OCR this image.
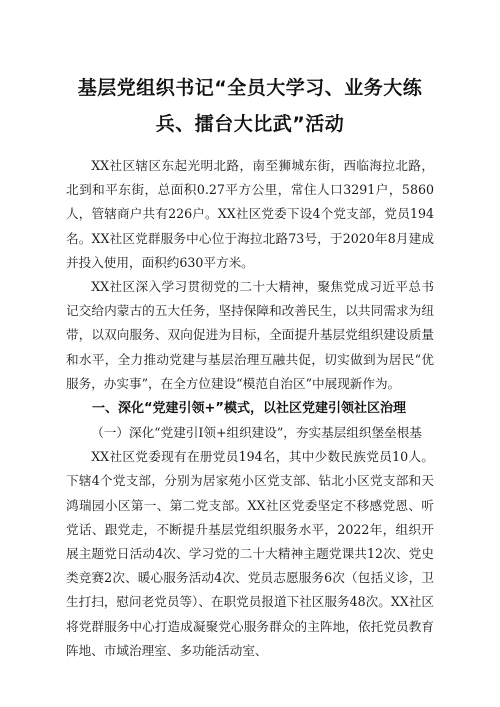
基层党组织书记“全员大学习、业务大练
兵、擂台大比武”活动

XX社区辖区东起光明北路，南至狮城东街，西临海拉北路，北到和平东街，总面积0.27平方公里，常住人口3291户，5860人，管辖商户共有226户。XX社区党委下设4个党支部，党员194名。XX社区党群服务中心位于海拉北路73号，于2020年8月建成并投入使用，面积约630平方米。

XX社区深入学习贯彻党的二十大精神，聚焦党成习近平总书记交给内蒙古的五大任务，坚持保障和改善民生，以共同需求为纽带，以双向服务、双向促进为目标，全面提升基层党组织建设质量和水平，全力推动党建与基层治理互融共促，切实做到为居民“优服务，办实事”，在全方位建设“模范自治区”中展现新作为。

一、深化“党建引领+”模式，以社区党建引领社区治理

（一）深化“党建引I领+组织建设”，夯实基层组织堡垒根基

XX社区党委现有在册党员194名，其中少数民族党员10人。下辖4个党支部，分别为居家苑小区党支部、钻北小区党支部和天鸿瑞园小区第一、第二党支部。XX社区党委坚定不移感党恩、听党话、跟党走，不断提升基层党组织服务水平，2022年，组织开展主题党日活动4次、学习党的二十大精神主题党课共12次、党史类竞赛2次、暖心服务活动4次、党员志愿服务6次（包括义诊，卫生打扫，慰问老党员等）、在职党员报道下社区服务48次。XX社区将党群服务中心打造成凝聚党心服务群众的主阵地，依托党员教育阵地、市域治理室、多功能活动室、
